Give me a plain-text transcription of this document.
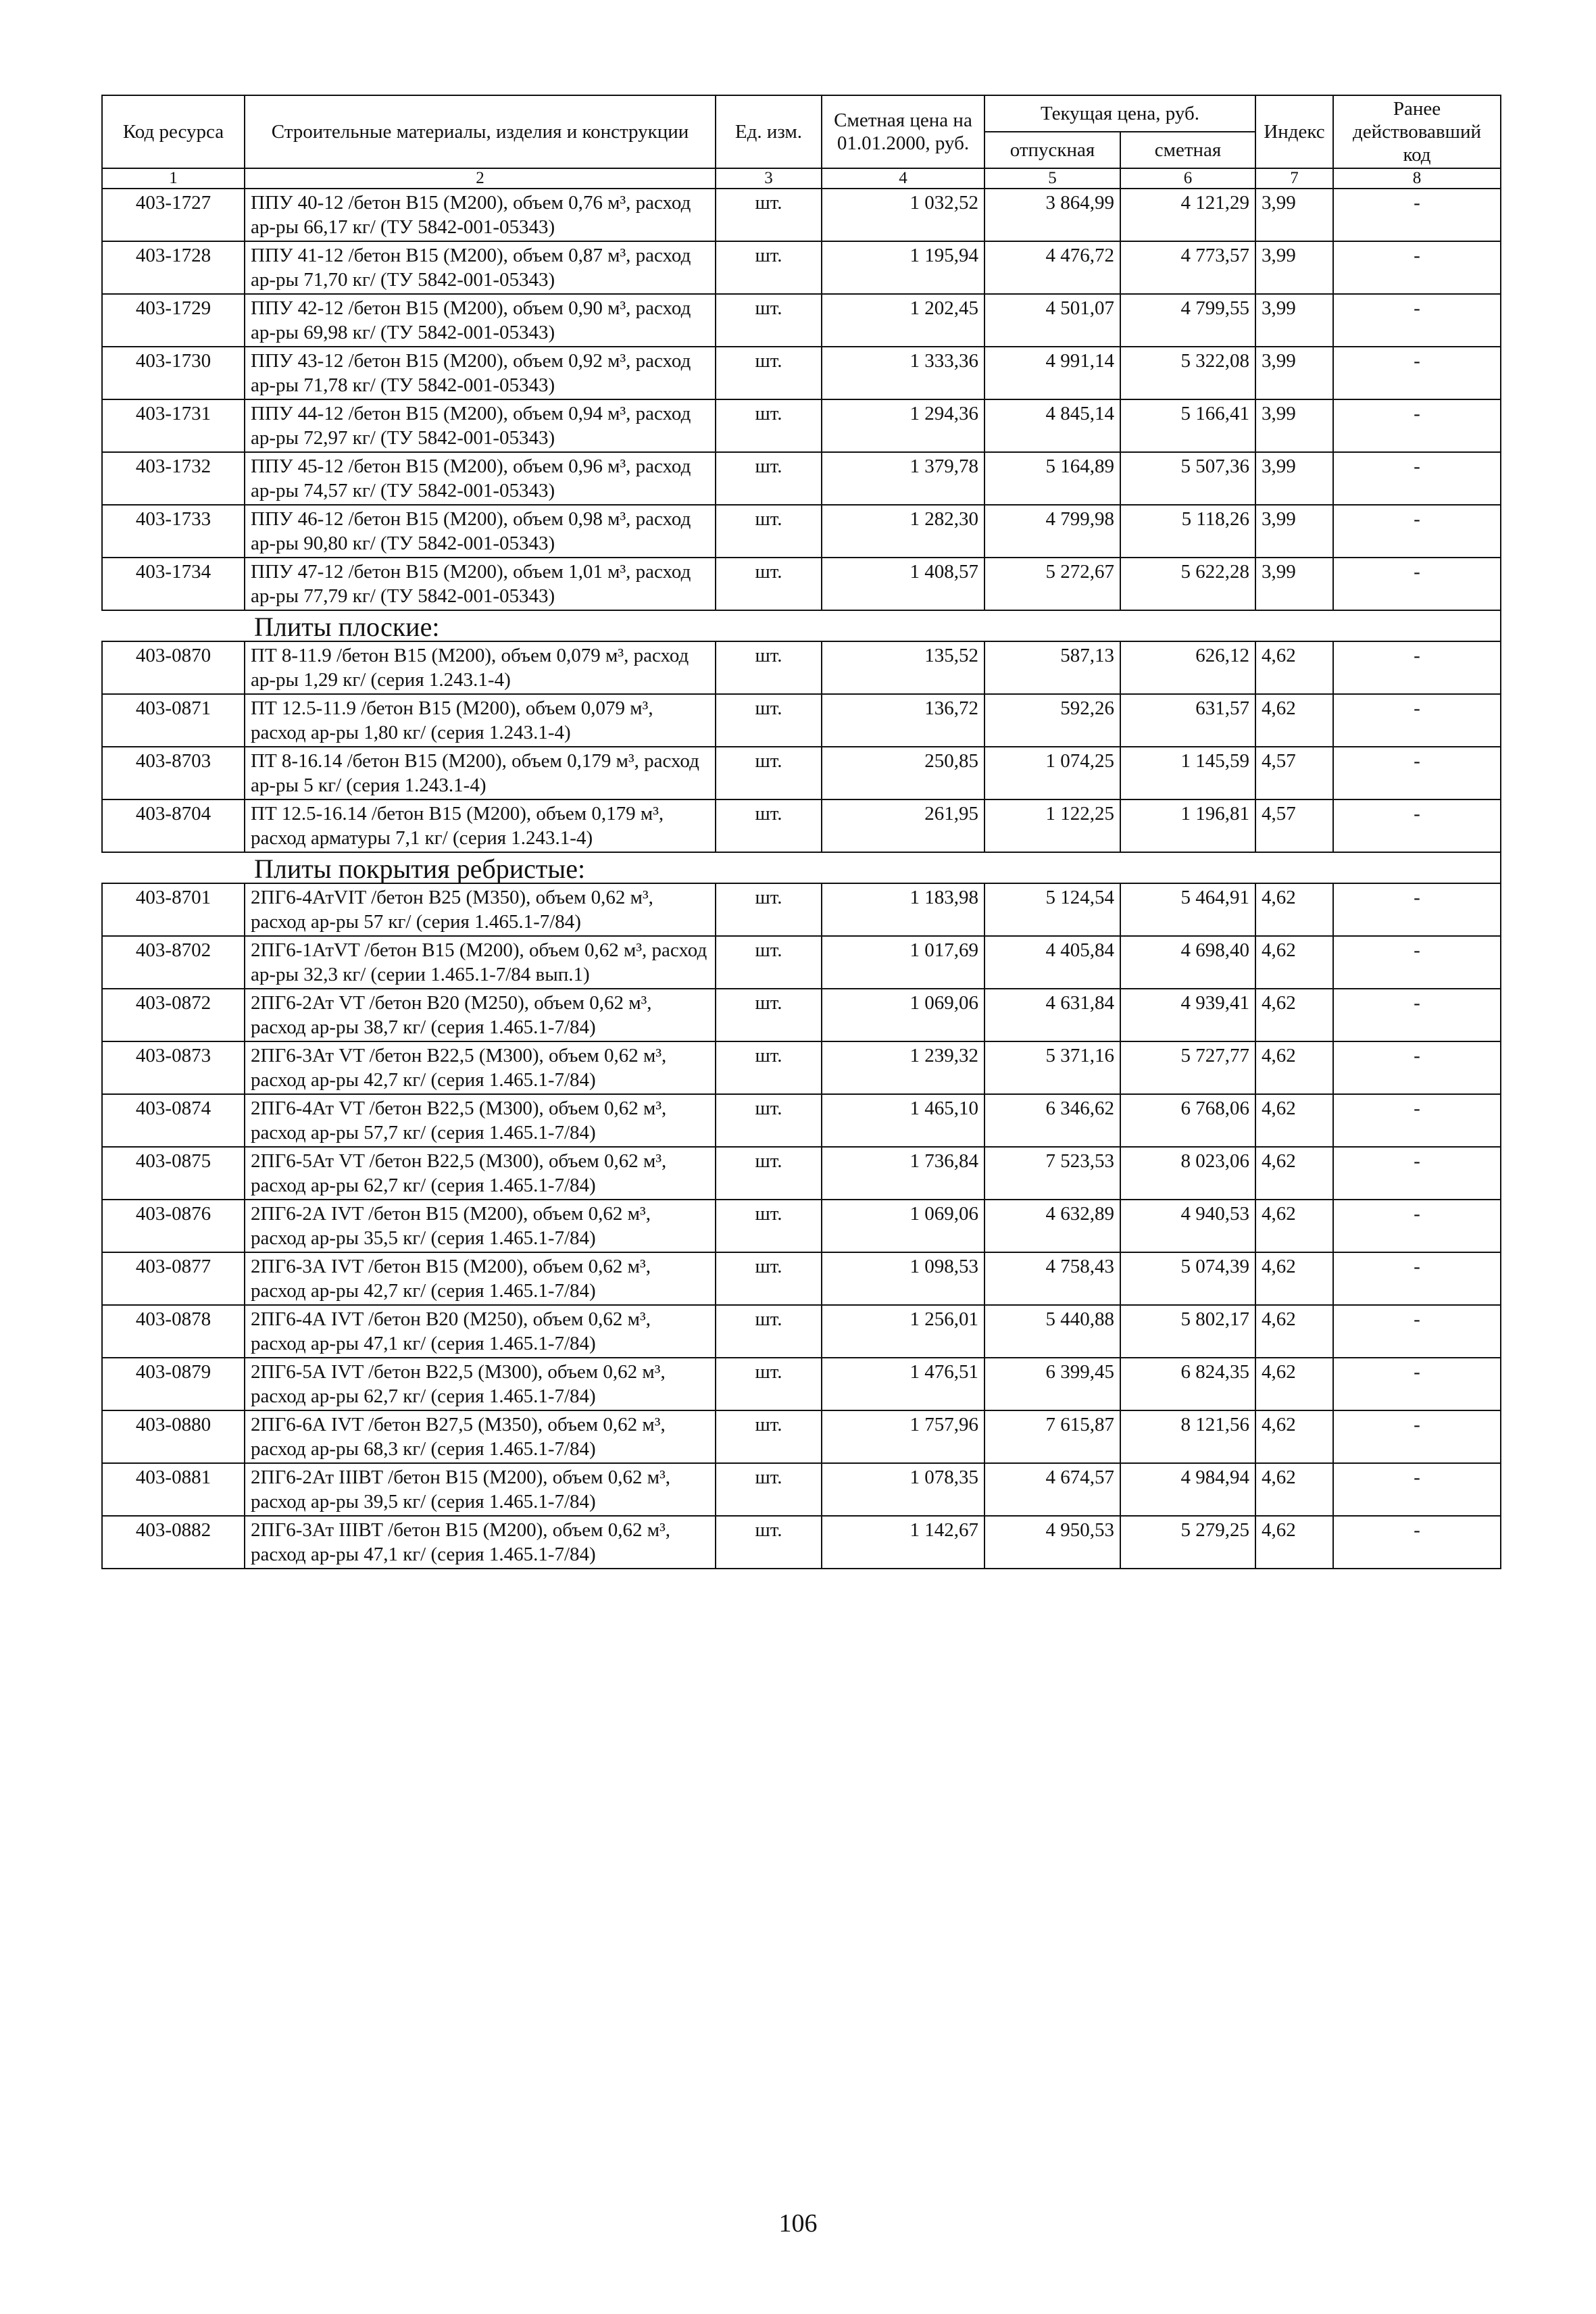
Код ресурса	Строительные материалы, изделия и конструкции	Ед. изм.	Сметная цена на 01.01.2000, руб.	Текущая цена, руб.		Индекс	Ранее действовавший код
				отпускная	сметная		
1	2	3	4	5	6	7	8
403-1727	ППУ 40-12 /бетон В15 (М200), объем 0,76 м³, расход ар-ры 66,17 кг/ (ТУ 5842-001-05343)	шт.	1 032,52	3 864,99	4 121,29	3,99	-
403-1728	ППУ 41-12 /бетон В15 (М200), объем 0,87 м³, расход ар-ры 71,70 кг/ (ТУ 5842-001-05343)	шт.	1 195,94	4 476,72	4 773,57	3,99	-
403-1729	ППУ 42-12 /бетон В15 (М200), объем 0,90 м³, расход ар-ры 69,98 кг/ (ТУ 5842-001-05343)	шт.	1 202,45	4 501,07	4 799,55	3,99	-
403-1730	ППУ 43-12 /бетон В15 (М200), объем 0,92 м³, расход ар-ры 71,78 кг/ (ТУ 5842-001-05343)	шт.	1 333,36	4 991,14	5 322,08	3,99	-
403-1731	ППУ 44-12 /бетон В15 (М200), объем 0,94 м³, расход ар-ры 72,97 кг/ (ТУ 5842-001-05343)	шт.	1 294,36	4 845,14	5 166,41	3,99	-
403-1732	ППУ 45-12 /бетон В15 (М200), объем 0,96 м³, расход ар-ры 74,57 кг/ (ТУ 5842-001-05343)	шт.	1 379,78	5 164,89	5 507,36	3,99	-
403-1733	ППУ 46-12 /бетон В15 (М200), объем 0,98 м³, расход ар-ры 90,80 кг/ (ТУ 5842-001-05343)	шт.	1 282,30	4 799,98	5 118,26	3,99	-
403-1734	ППУ 47-12 /бетон В15 (М200), объем 1,01 м³, расход ар-ры 77,79 кг/ (ТУ 5842-001-05343)	шт.	1 408,57	5 272,67	5 622,28	3,99	-
	Плиты плоские:						
403-0870	ПТ 8-11.9 /бетон В15 (М200), объем 0,079 м³, расход ар-ры 1,29 кг/ (серия 1.243.1-4)	шт.	135,52	587,13	626,12	4,62	-
403-0871	ПТ 12.5-11.9 /бетон В15 (М200), объем 0,079 м³, расход ар-ры 1,80 кг/ (серия 1.243.1-4)	шт.	136,72	592,26	631,57	4,62	-
403-8703	ПТ 8-16.14 /бетон В15 (М200), объем 0,179 м³, расход ар-ры 5 кг/ (серия 1.243.1-4)	шт.	250,85	1 074,25	1 145,59	4,57	-
403-8704	ПТ 12.5-16.14 /бетон В15 (М200), объем 0,179 м³, расход арматуры 7,1 кг/ (серия 1.243.1-4)	шт.	261,95	1 122,25	1 196,81	4,57	-
	Плиты покрытия ребристые:						
403-8701	2ПГ6-4АтVIT /бетон В25 (М350), объем 0,62 м³, расход ар-ры 57 кг/ (серия 1.465.1-7/84)	шт.	1 183,98	5 124,54	5 464,91	4,62	-
403-8702	2ПГ6-1АтVT /бетон В15 (М200), объем 0,62 м³, расход ар-ры 32,3 кг/ (серии 1.465.1-7/84 вып.1)	шт.	1 017,69	4 405,84	4 698,40	4,62	-
403-0872	2ПГ6-2Ат VT /бетон В20 (М250), объем 0,62 м³, расход ар-ры 38,7 кг/ (серия 1.465.1-7/84)	шт.	1 069,06	4 631,84	4 939,41	4,62	-
403-0873	2ПГ6-3Ат VT /бетон В22,5 (М300), объем 0,62 м³, расход ар-ры 42,7 кг/ (серия 1.465.1-7/84)	шт.	1 239,32	5 371,16	5 727,77	4,62	-
403-0874	2ПГ6-4Ат VT /бетон В22,5 (М300), объем 0,62 м³, расход ар-ры 57,7 кг/ (серия 1.465.1-7/84)	шт.	1 465,10	6 346,62	6 768,06	4,62	-
403-0875	2ПГ6-5Ат VT /бетон В22,5 (М300), объем 0,62 м³, расход ар-ры 62,7 кг/ (серия 1.465.1-7/84)	шт.	1 736,84	7 523,53	8 023,06	4,62	-
403-0876	2ПГ6-2А IVT /бетон В15 (М200), объем 0,62 м³, расход ар-ры 35,5 кг/ (серия 1.465.1-7/84)	шт.	1 069,06	4 632,89	4 940,53	4,62	-
403-0877	2ПГ6-3А IVT /бетон В15 (М200), объем 0,62 м³, расход ар-ры 42,7 кг/ (серия 1.465.1-7/84)	шт.	1 098,53	4 758,43	5 074,39	4,62	-
403-0878	2ПГ6-4А IVT /бетон В20 (М250), объем 0,62 м³, расход ар-ры 47,1 кг/ (серия 1.465.1-7/84)	шт.	1 256,01	5 440,88	5 802,17	4,62	-
403-0879	2ПГ6-5А IVT /бетон В22,5 (М300), объем 0,62 м³, расход ар-ры 62,7 кг/ (серия 1.465.1-7/84)	шт.	1 476,51	6 399,45	6 824,35	4,62	-
403-0880	2ПГ6-6А IVT /бетон В27,5 (М350), объем 0,62 м³, расход ар-ры 68,3 кг/ (серия 1.465.1-7/84)	шт.	1 757,96	7 615,87	8 121,56	4,62	-
403-0881	2ПГ6-2Ат IIIВТ /бетон В15 (М200), объем 0,62 м³, расход ар-ры 39,5 кг/ (серия 1.465.1-7/84)	шт.	1 078,35	4 674,57	4 984,94	4,62	-
403-0882	2ПГ6-3Ат IIIВТ /бетон В15 (М200), объем 0,62 м³, расход ар-ры 47,1 кг/ (серия 1.465.1-7/84)	шт.	1 142,67	4 950,53	5 279,25	4,62	-
106
